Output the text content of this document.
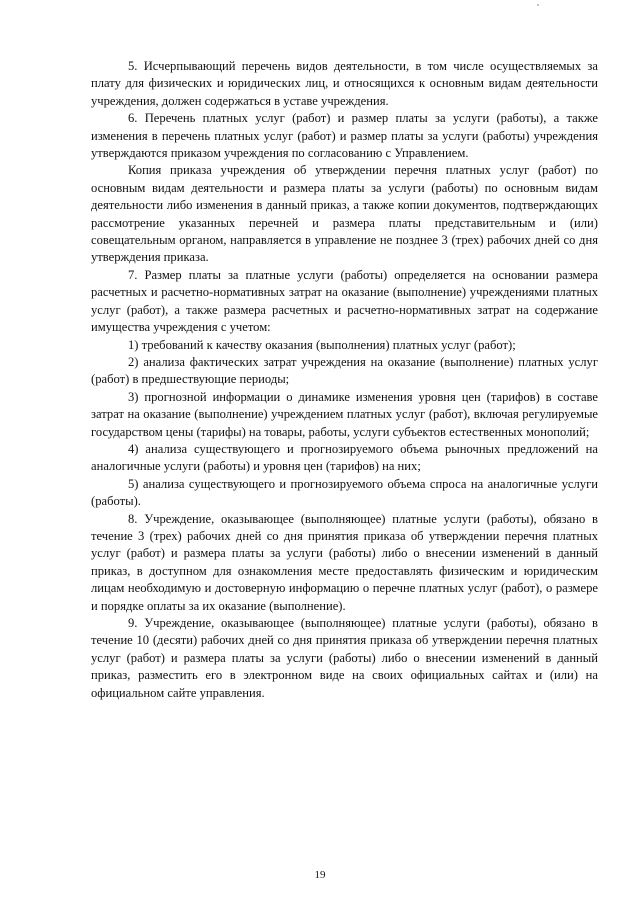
5. Исчерпывающий перечень видов деятельности, в том числе осуществляемых за плату для физических и юридических лиц, и относящихся к основным видам деятельности учреждения, должен содержаться в уставе учреждения.

6. Перечень платных услуг (работ) и размер платы за услуги (работы), а также изменения в перечень платных услуг (работ) и размер платы за услуги (работы) учреждения утверждаются приказом учреждения по согласованию с Управлением.

Копия приказа учреждения об утверждении перечня платных услуг (работ) по основным видам деятельности и размера платы за услуги (работы) по основным видам деятельности либо изменения в данный приказ, а также копии документов, подтверждающих рассмотрение указанных перечней и размера платы представительным и (или) совещательным органом, направляется в управление не позднее 3 (трех) рабочих дней со дня утверждения приказа.

7. Размер платы за платные услуги (работы) определяется на основании размера расчетных и расчетно-нормативных затрат на оказание (выполнение) учреждениями платных услуг (работ), а также размера расчетных и расчетно-нормативных затрат на содержание имущества учреждения с учетом:

1) требований к качеству оказания (выполнения) платных услуг (работ);

2) анализа фактических затрат учреждения на оказание (выполнение) платных услуг (работ) в предшествующие периоды;

3) прогнозной информации о динамике изменения уровня цен (тарифов) в составе затрат на оказание (выполнение) учреждением платных услуг (работ), включая регулируемые государством цены (тарифы) на товары, работы, услуги субъектов естественных монополий;

4) анализа существующего и прогнозируемого объема рыночных предложений на аналогичные услуги (работы) и уровня цен (тарифов) на них;

5) анализа существующего и прогнозируемого объема спроса на аналогичные услуги (работы).

8. Учреждение, оказывающее (выполняющее) платные услуги (работы), обязано в течение 3 (трех) рабочих дней со дня принятия приказа об утверждении перечня платных услуг (работ) и размера платы за услуги (работы) либо о внесении изменений в данный приказ, в доступном для ознакомления месте предоставлять физическим и юридическим лицам необходимую и достоверную информацию о перечне платных услуг (работ), о размере и порядке оплаты за их оказание (выполнение).

9. Учреждение, оказывающее (выполняющее) платные услуги (работы), обязано в течение 10 (десяти) рабочих дней со дня принятия приказа об утверждении перечня платных услуг (работ) и размера платы за услуги (работы) либо о внесении изменений в данный приказ, разместить его в электронном виде на своих официальных сайтах и (или) на официальном сайте управления.

19
